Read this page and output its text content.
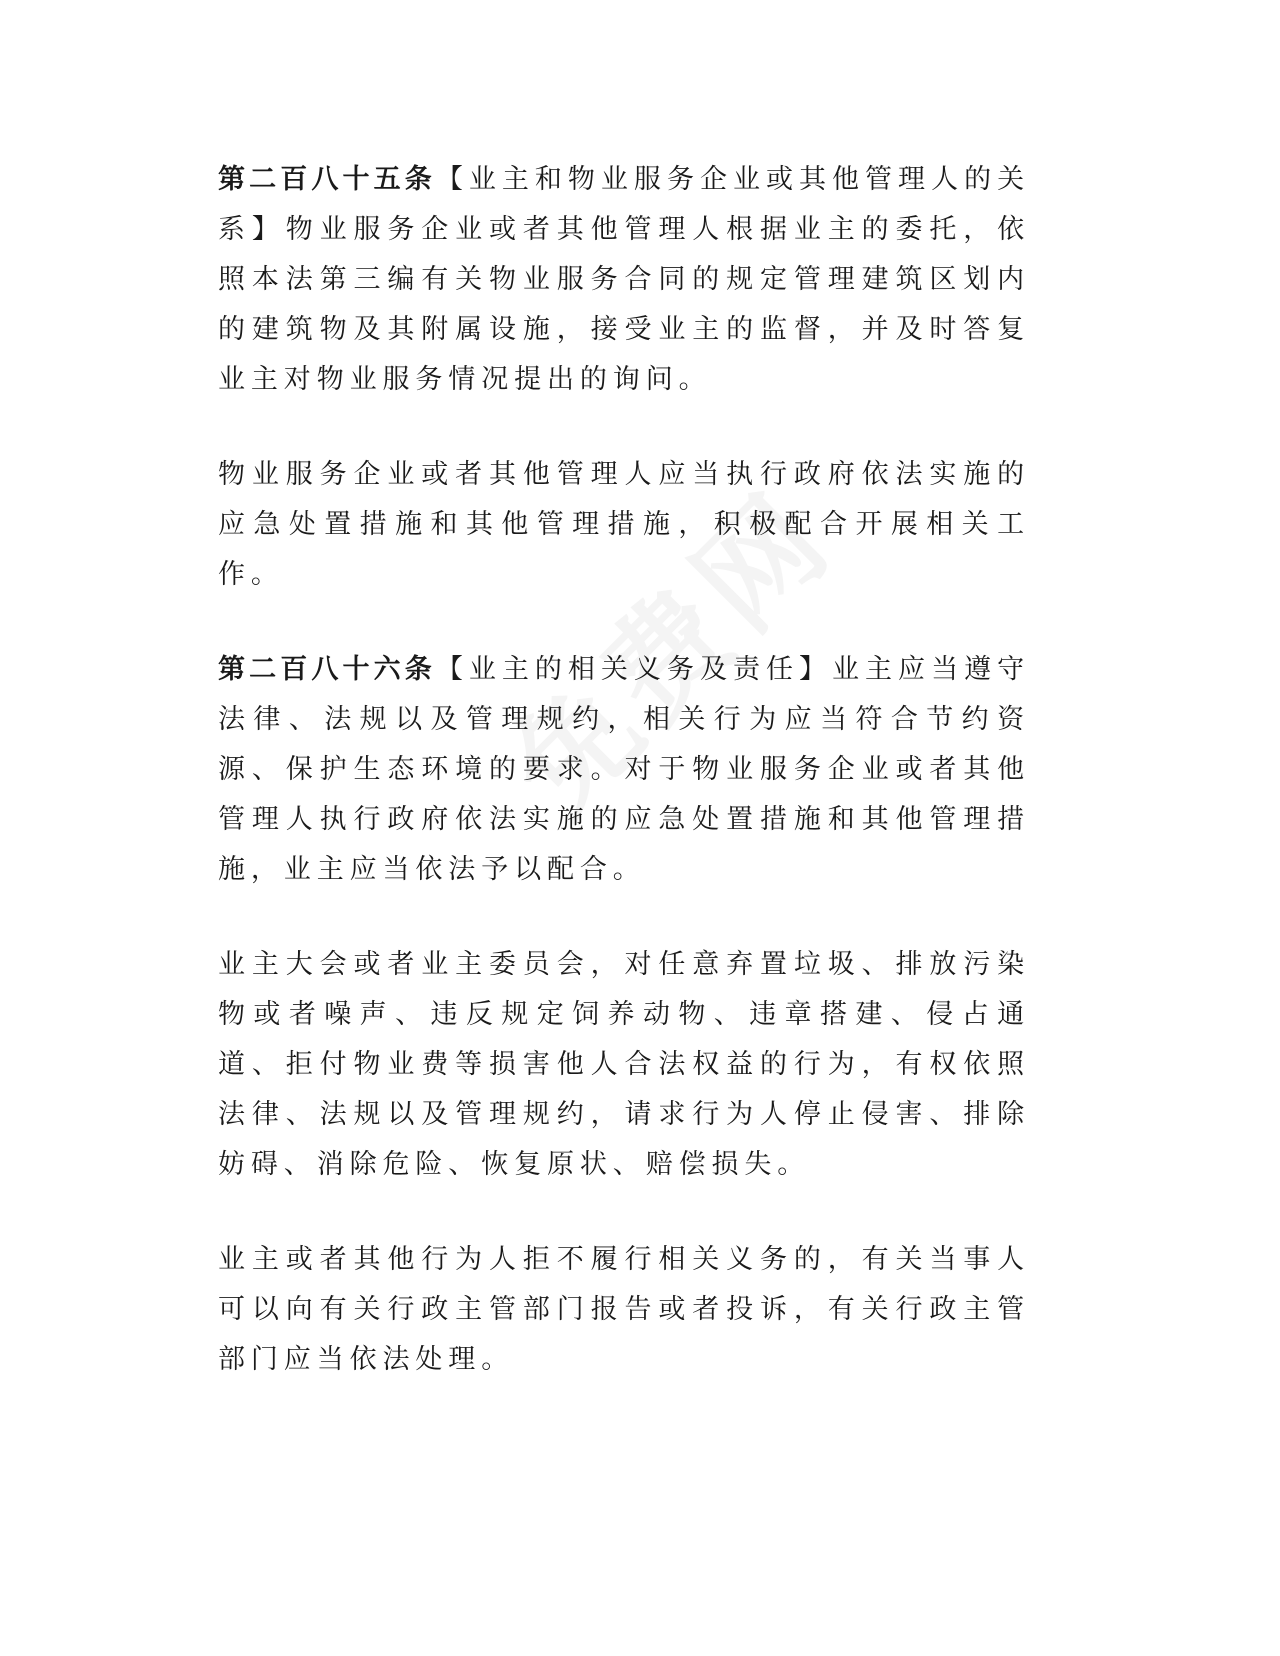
第二百八十五条【业主和物业服务企业或其他管理人的关系】物业服务企业或者其他管理人根据业主的委托，依照本法第三编有关物业服务合同的规定管理建筑区划内的建筑物及其附属设施，接受业主的监督，并及时答复业主对物业服务情况提出的询问。

物业服务企业或者其他管理人应当执行政府依法实施的应急处置措施和其他管理措施，积极配合开展相关工作。

第二百八十六条【业主的相关义务及责任】业主应当遵守法律、法规以及管理规约，相关行为应当符合节约资源、保护生态环境的要求。对于物业服务企业或者其他管理人执行政府依法实施的应急处置措施和其他管理措施，业主应当依法予以配合。

业主大会或者业主委员会，对任意弃置垃圾、排放污染物或者噪声、违反规定饲养动物、违章搭建、侵占通道、拒付物业费等损害他人合法权益的行为，有权依照法律、法规以及管理规约，请求行为人停止侵害、排除妨碍、消除危险、恢复原状、赔偿损失。

业主或者其他行为人拒不履行相关义务的，有关当事人可以向有关行政主管部门报告或者投诉，有关行政主管部门应当依法处理。
